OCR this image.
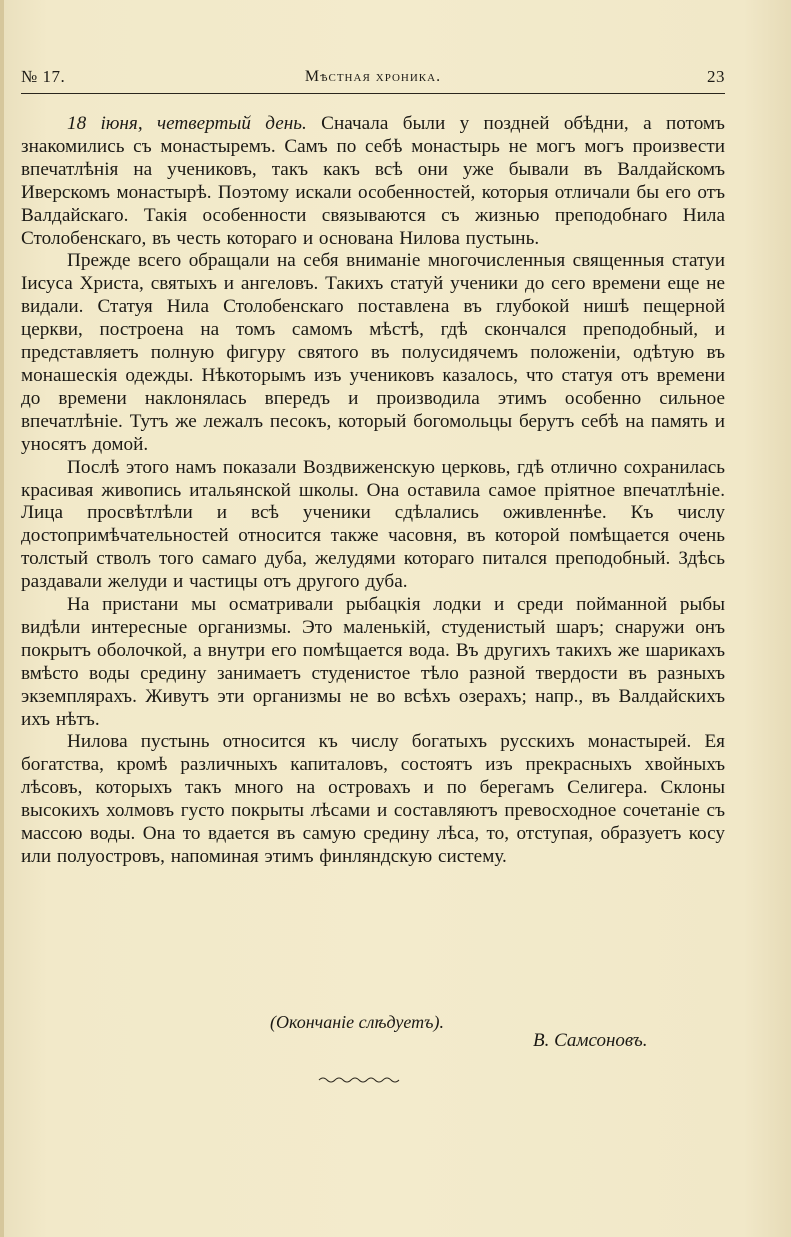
№ 17.	Мѣстная хроника.	23

18 іюня, четвертый день. Сначала были у поздней обѣдни, а потомъ знакомились съ монастыремъ. Самъ по себѣ монастырь не могъ могъ произвести впечатлѣнія на учениковъ, такъ какъ всѣ они уже бывали въ Валдайскомъ Иверскомъ монастырѣ. Поэтому искали особенностей, которыя отличали бы его отъ Валдайскаго. Такія особенности связываются съ жизнью преподобнаго Нила Столобенскаго, въ честь котораго и основана Нилова пустынь.

Прежде всего обращали на себя вниманіе многочисленныя священныя статуи Іисуса Христа, святыхъ и ангеловъ. Такихъ статуй ученики до сего времени еще не видали. Статуя Нила Столобенскаго поставлена въ глубокой нишѣ пещерной церкви, построена на томъ самомъ мѣстѣ, гдѣ скончался преподобный, и представляетъ полную фигуру святого въ полусидячемъ положеніи, одѣтую въ монашескія одежды. Нѣкоторымъ изъ учениковъ казалось, что статуя отъ времени до времени наклонялась впередъ и производила этимъ особенно сильное впечатлѣніе. Тутъ же лежалъ песокъ, который богомольцы берутъ себѣ на память и уносятъ домой.

Послѣ этого намъ показали Воздвиженскую церковь, гдѣ отлично сохранилась красивая живопись итальянской школы. Она оставила самое пріятное впечатлѣніе. Лица просвѣтлѣли и всѣ ученики сдѣлались оживленнѣе. Къ числу достопримѣчательностей относится также часовня, въ которой помѣщается очень толстый стволъ того самаго дуба, желудями котораго питался преподобный. Здѣсь раздавали желуди и частицы отъ другого дуба.

На пристани мы осматривали рыбацкія лодки и среди пойманной рыбы видѣли интересные организмы. Это маленькій, студенистый шаръ; снаружи онъ покрытъ оболочкой, а внутри его помѣщается вода. Въ другихъ такихъ же шарикахъ вмѣсто воды средину занимаетъ студенистое тѣло разной твердости въ разныхъ экземплярахъ. Живутъ эти организмы не во всѣхъ озерахъ; напр., въ Валдайскихъ ихъ нѣтъ.

Нилова пустынь относится къ числу богатыхъ русскихъ монастырей. Ея богатства, кромѣ различныхъ капиталовъ, состоятъ изъ прекрасныхъ хвойныхъ лѣсовъ, которыхъ такъ много на островахъ и по берегамъ Селигера. Склоны высокихъ холмовъ густо покрыты лѣсами и составляютъ превосходное сочетаніе съ массою воды. Она то вдается въ самую средину лѣса, то, отступая, образуетъ косу или полуостровъ, напоминая этимъ финляндскую систему.

(Окончаніе слѣдуетъ).
В. Самсоновъ.
